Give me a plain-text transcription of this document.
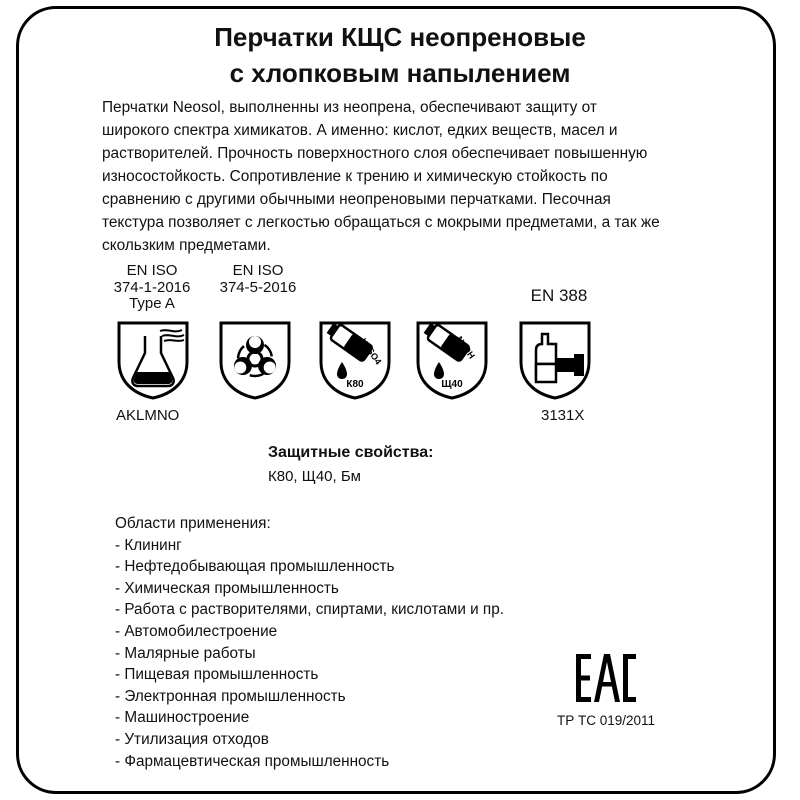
Перчатки КЩС неопреновые
с хлопковым напылением
Перчатки Neosol, выполненны из неопрена, обеспечивают защиту от
широкого спектра химикатов. А именно: кислот, едких веществ, масел и
растворителей. Прочность поверхностного слоя обеспечивает повышенную
износостойкость. Сопротивление к трению и химическую стойкость по
сравнению с другими обычными неопреновыми перчатками. Песочная
текстура позволяет с легкостью обращаться с мокрыми предметами, а так же
скользким предметами.
EN ISO
374-1-2016
Type A
AKLMNO
EN ISO
374-5-2016
H2SO4
К80
NaOH
Щ40
EN 388
3131X
Защитные свойства:
К80, Щ40, Бм
Области применения:
- Клининг
- Нефтедобывающая промышленность
- Химическая промышленность
- Работа с растворителями, спиртами, кислотами и пр.
- Автомобилестроение
- Малярные работы
- Пищевая промышленность
- Электронная промышленность
- Машиностроение
- Утилизация отходов
- Фармацевтическая промышленность
ТР ТС 019/2011
